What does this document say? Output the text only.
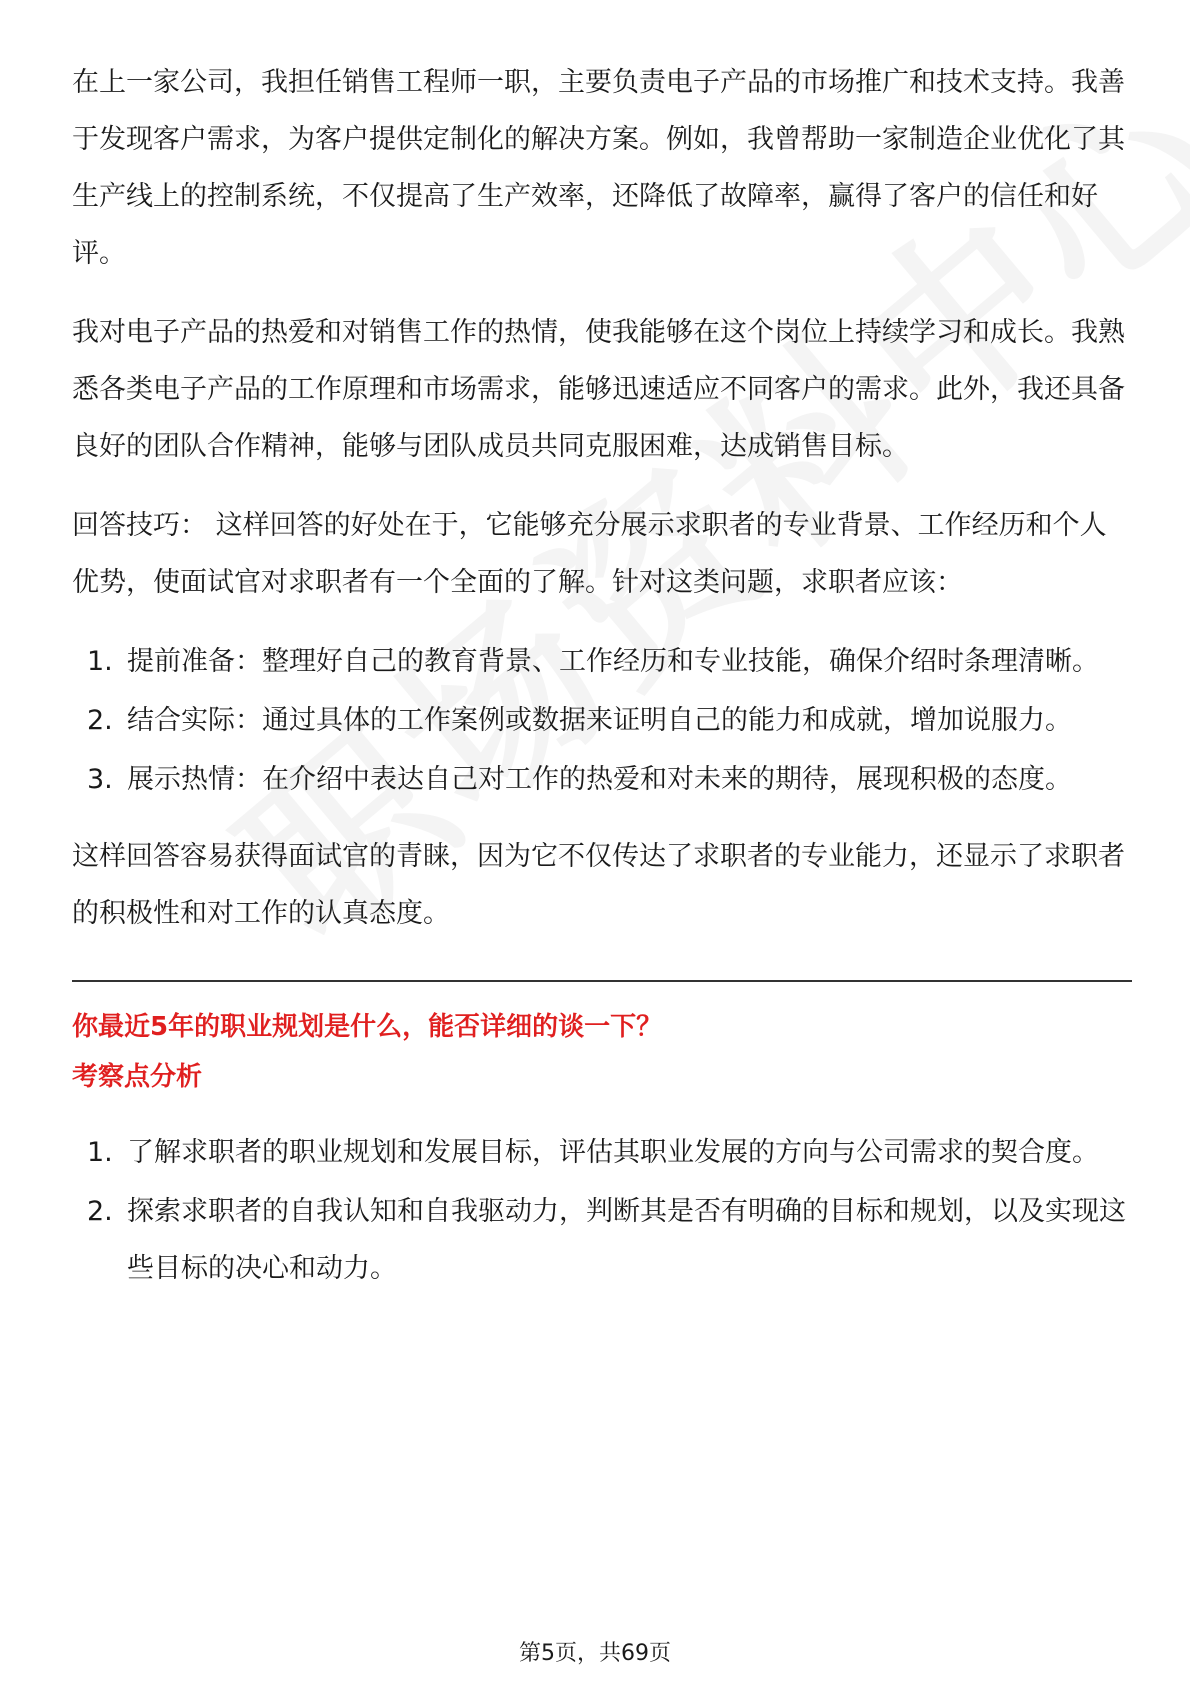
在上一家公司，我担任销售工程师一职，主要负责电子产品的市场推广和技术支持。我善于发现客户需求，为客户提供定制化的解决方案。例如，我曾帮助一家制造企业优化了其生产线上的控制系统，不仅提高了生产效率，还降低了故障率，赢得了客户的信任和好评。

我对电子产品的热爱和对销售工作的热情，使我能够在这个岗位上持续学习和成长。我熟悉各类电子产品的工作原理和市场需求，能够迅速适应不同客户的需求。此外，我还具备良好的团队合作精神，能够与团队成员共同克服困难，达成销售目标。

回答技巧： 这样回答的好处在于，它能够充分展示求职者的专业背景、工作经历和个人优势，使面试官对求职者有一个全面的了解。针对这类问题，求职者应该：

1. 提前准备：整理好自己的教育背景、工作经历和专业技能，确保介绍时条理清晰。
2. 结合实际：通过具体的工作案例或数据来证明自己的能力和成就，增加说服力。
3. 展示热情：在介绍中表达自己对工作的热爱和对未来的期待，展现积极的态度。

这样回答容易获得面试官的青睐，因为它不仅传达了求职者的专业能力，还显示了求职者的积极性和对工作的认真态度。

你最近5年的职业规划是什么，能否详细的谈一下？

考察点分析

1. 了解求职者的职业规划和发展目标，评估其职业发展的方向与公司需求的契合度。
2. 探索求职者的自我认知和自我驱动力，判断其是否有明确的目标和规划，以及实现这些目标的决心和动力。
第5页，共69页
